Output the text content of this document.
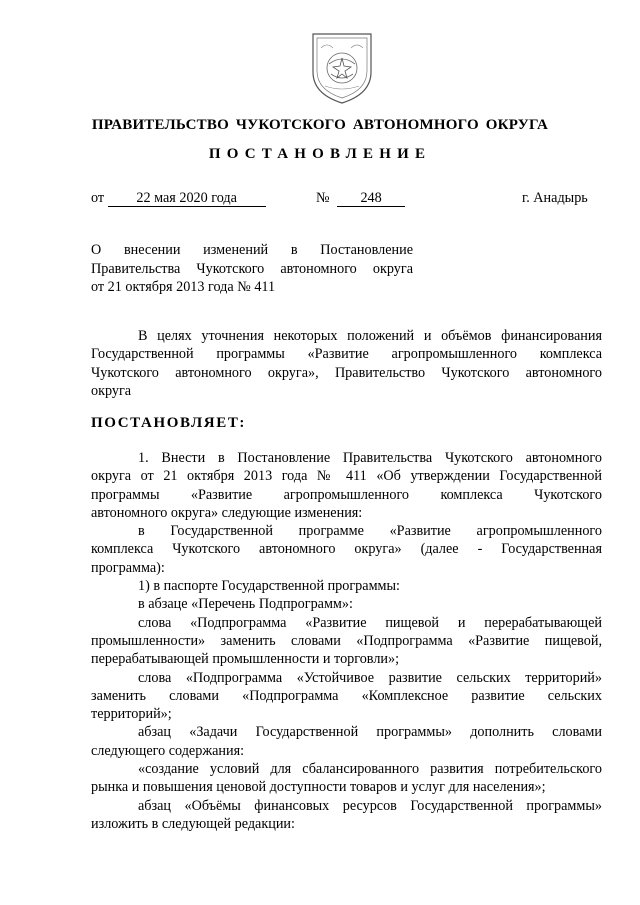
ПРАВИТЕЛЬСТВО ЧУКОТСКОГО АВТОНОМНОГО ОКРУГА
ПОСТАНОВЛЕНИЕ
от 22 мая 2020 года	№ 248	г. Анадырь
О внесении изменений в Постановление
Правительства Чукотского автономного округа
от 21 октября 2013 года № 411
В целях уточнения некоторых положений и объёмов финансирования
Государственной программы «Развитие агропромышленного комплекса
Чукотского автономного округа», Правительство Чукотского автономного
округа
ПОСТАНОВЛЯЕТ:
1. Внести в Постановление Правительства Чукотского автономного
округа от 21 октября 2013 года № 411 «Об утверждении Государственной
программы «Развитие агропромышленного комплекса Чукотского
автономного округа» следующие изменения:
в Государственной программе «Развитие агропромышленного
комплекса Чукотского автономного округа» (далее - Государственная
программа):
1) в паспорте Государственной программы:
в абзаце «Перечень Подпрограмм»:
слова «Подпрограмма «Развитие пищевой и перерабатывающей
промышленности» заменить словами «Подпрограмма «Развитие пищевой,
перерабатывающей промышленности и торговли»;
слова «Подпрограмма «Устойчивое развитие сельских территорий»
заменить словами «Подпрограмма «Комплексное развитие сельских
территорий»;
абзац «Задачи Государственной программы» дополнить словами
следующего содержания:
«создание условий для сбалансированного развития потребительского
рынка и повышения ценовой доступности товаров и услуг для населения»;
абзац «Объёмы финансовых ресурсов Государственной программы»
изложить в следующей редакции:
